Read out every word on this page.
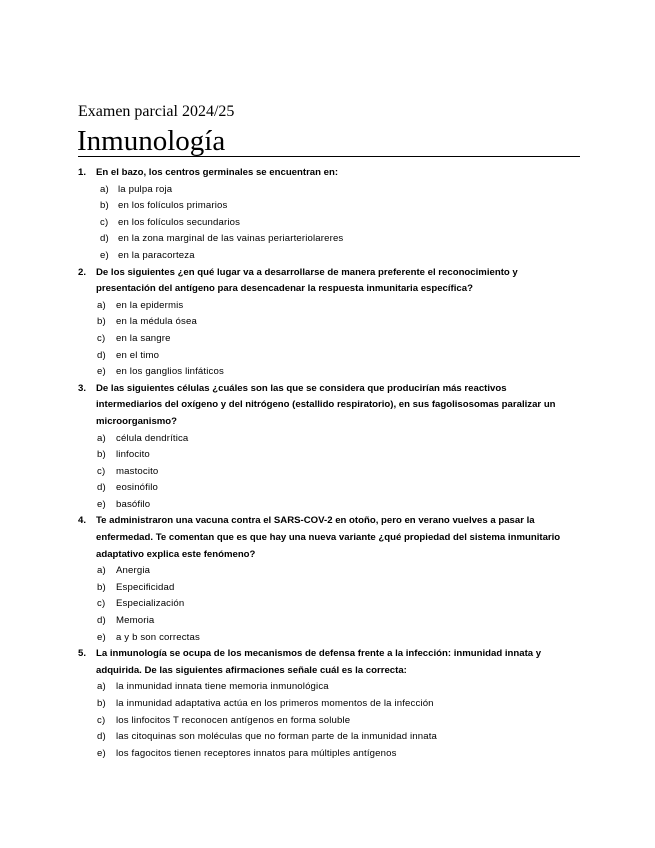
Examen parcial 2024/25
Inmunología
1. En el bazo, los centros germinales se encuentran en:
a) la pulpa roja
b) en los folículos primarios
c) en los folículos secundarios
d) en la zona marginal de las vainas periarteriolareres
e) en la paracorteza
2. De los siguientes ¿en qué lugar va a desarrollarse de manera preferente el reconocimiento y presentación del antígeno para desencadenar la respuesta inmunitaria específica?
a) en la epidermis
b) en la médula ósea
c) en la sangre
d) en el timo
e) en los ganglios linfáticos
3. De las siguientes células ¿cuáles son las que se considera que producirían más reactivos intermediarios del oxígeno y del nitrógeno (estallido respiratorio), en sus fagolisosomas paralizar un microorganismo?
a) célula dendrítica
b) linfocito
c) mastocito
d) eosinófilo
e) basófilo
4. Te administraron una vacuna contra el SARS-COV-2 en otoño, pero en verano vuelves a pasar la enfermedad. Te comentan que es que hay una nueva variante ¿qué propiedad del sistema inmunitario adaptativo explica este fenómeno?
a) Anergia
b) Especificidad
c) Especialización
d) Memoria
e) a y b son correctas
5. La inmunología se ocupa de los mecanismos de defensa frente a la infección: inmunidad innata y adquirida. De las siguientes afirmaciones señale cuál es la correcta:
a) la inmunidad innata tiene memoria inmunológica
b) la inmunidad adaptativa actúa en los primeros momentos de la infección
c) los linfocitos T reconocen antígenos en forma soluble
d) las citoquinas son moléculas que no forman parte de la inmunidad innata
e) los fagocitos tienen receptores innatos para múltiples antígenos
